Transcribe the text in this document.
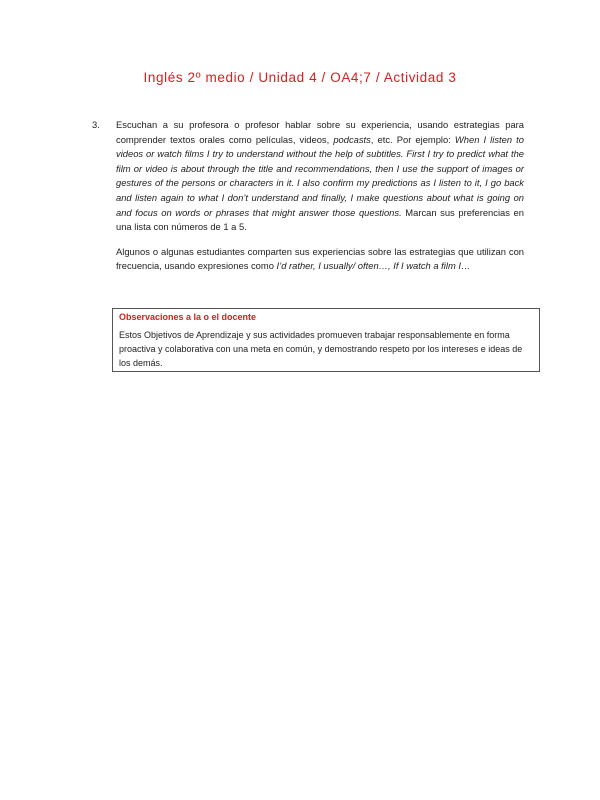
Inglés 2º medio / Unidad 4 / OA4;7 / Actividad 3
3. Escuchan a su profesora o profesor hablar sobre su experiencia, usando estrategias para comprender textos orales como películas, videos, podcasts, etc. Por ejemplo: When I listen to videos or watch films I try to understand without the help of subtitles. First I try to predict what the film or video is about through the title and recommendations, then I use the support of images or gestures of the persons or characters in it. I also confirm my predictions as I listen to it, I go back and listen again to what I don’t understand and finally, I make questions about what is going on and focus on words or phrases that might answer those questions. Marcan sus preferencias en una lista con números de 1 a 5.

Algunos o algunas estudiantes comparten sus experiencias sobre las estrategias que utilizan con frecuencia, usando expresiones como I’d rather, I usually/ often…, If I watch a film I…

Observaciones a la o el docente
Estos Objetivos de Aprendizaje y sus actividades promueven trabajar responsablemente en forma proactiva y colaborativa con una meta en común, y demostrando respeto por los intereses e ideas de los demás.
